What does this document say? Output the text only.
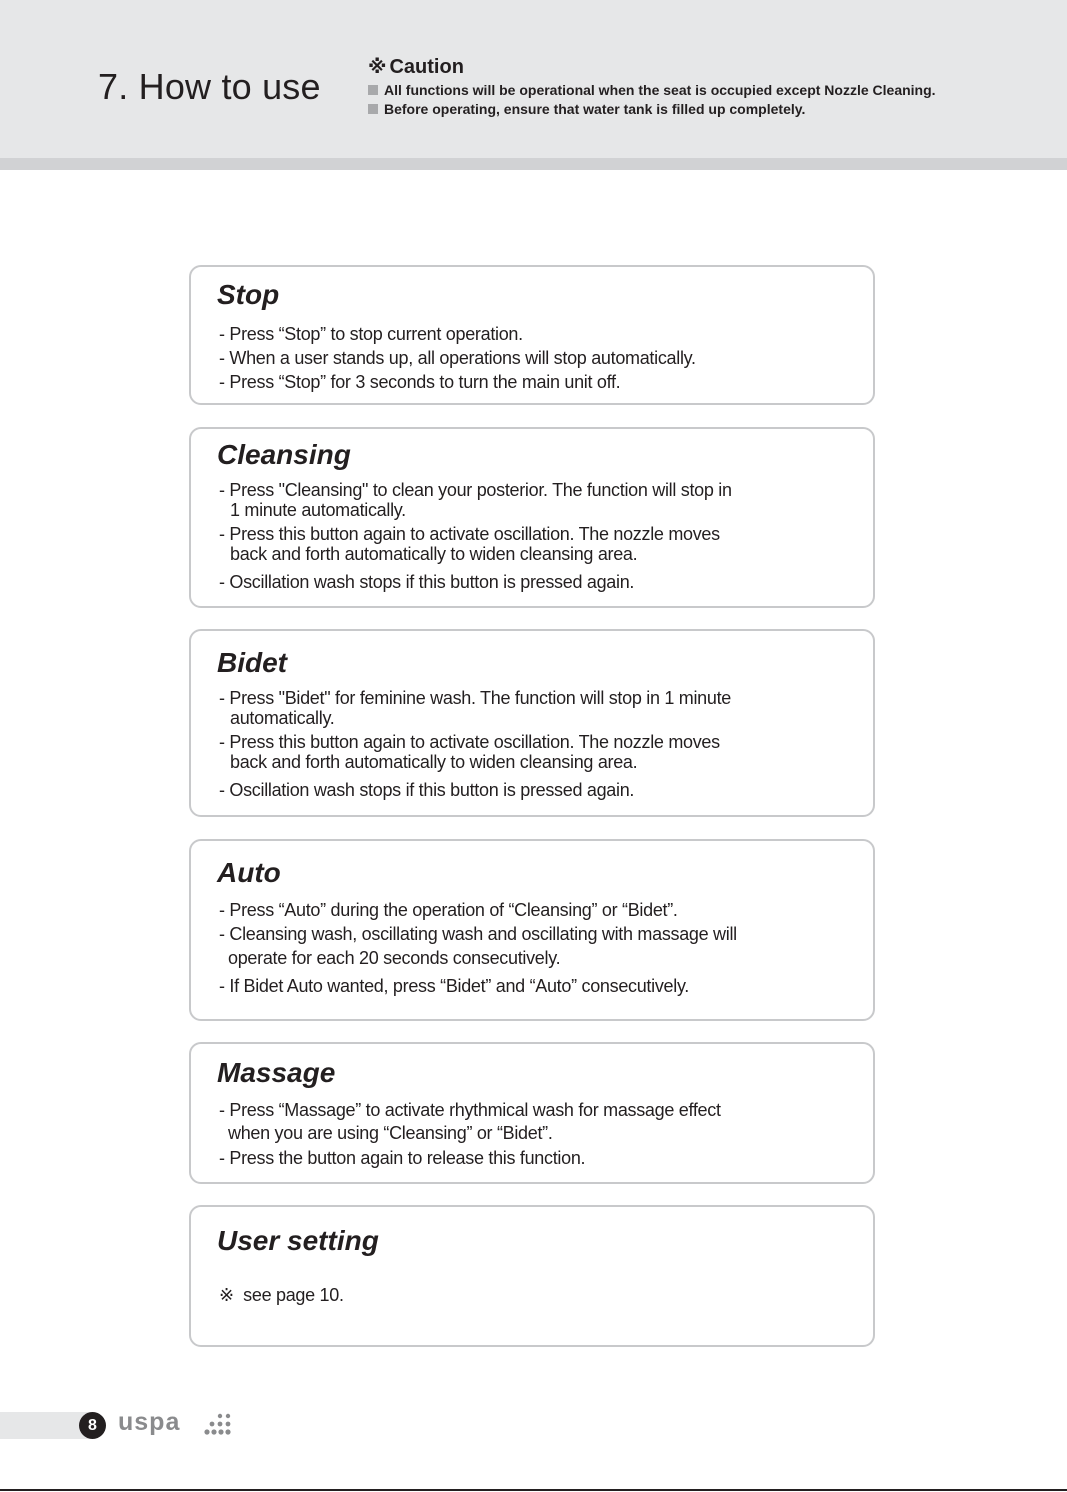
7. How to use ※ Caution
All functions will be operational when the seat is occupied except Nozzle Cleaning.
Before operating, ensure that water tank is filled up completely.
Stop
- Press “Stop” to stop current operation.
- When a user stands up, all operations will stop automatically.
- Press “Stop” for 3 seconds to turn the main unit off.
Cleansing
- Press "Cleansing" to clean your posterior. The function will stop in
1 minute automatically.
- Press this button again to activate oscillation. The nozzle moves
back and forth automatically to widen cleansing area.
- Oscillation wash stops if this button is pressed again.
Bidet
- Press "Bidet" for feminine wash. The function will stop in 1 minute
automatically.
- Press this button again to activate oscillation. The nozzle moves
back and forth automatically to widen cleansing area.
- Oscillation wash stops if this button is pressed again.
Auto
- Press “Auto” during the operation of “Cleansing” or “Bidet”.
- Cleansing wash, oscillating wash and oscillating with massage will
operate for each 20 seconds consecutively.
- If Bidet Auto wanted, press “Bidet” and “Auto” consecutively.
Massage
- Press “Massage” to activate rhythmical wash for massage effect
when you are using “Cleansing” or “Bidet”.
- Press the button again to release this function.
User setting
※  see page 10.
8 uspa
